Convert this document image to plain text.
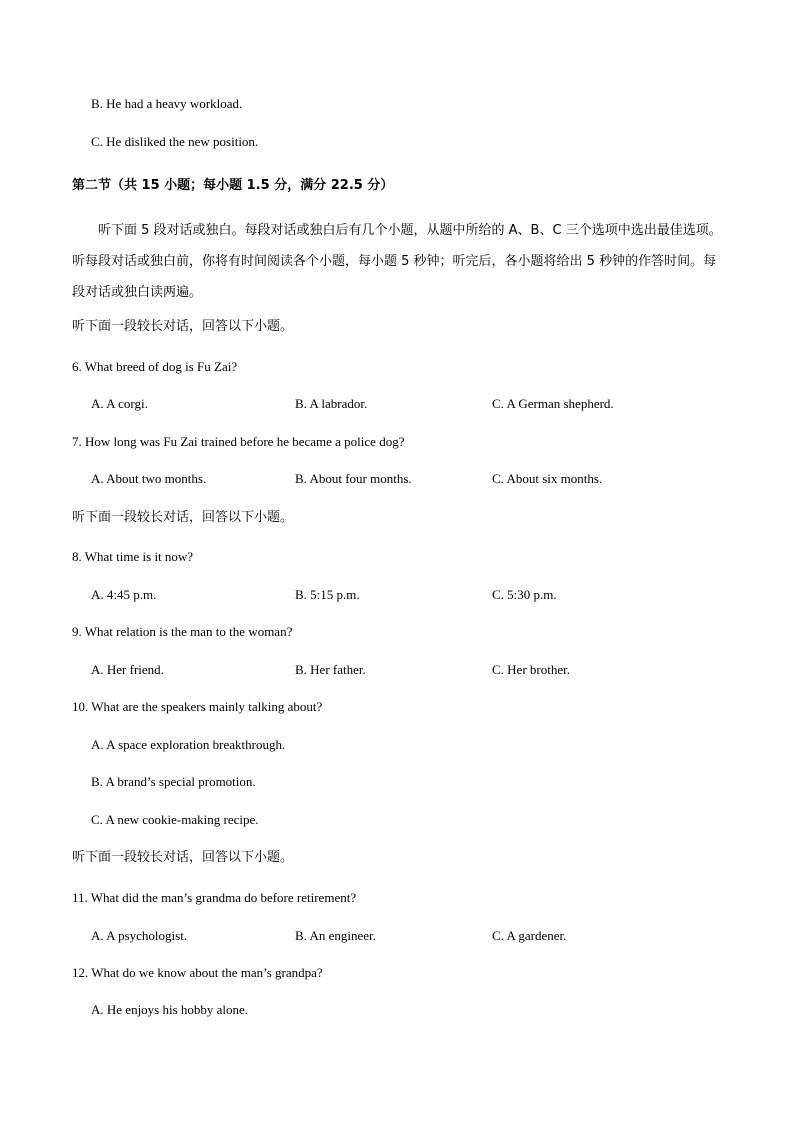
B. He had a heavy workload.
C. He disliked the new position.
第二节（共 15 小题；每小题 1.5 分，满分 22.5 分）
听下面 5 段对话或独白。每段对话或独白后有几个小题，从题中所给的 A、B、C 三个选项中选出最佳选项。听每段对话或独白前，你将有时间阅读各个小题，每小题 5 秒钟；听完后，各小题将给出 5 秒钟的作答时间。每段对话或独白读两遍。
听下面一段较长对话，回答以下小题。
6. What breed of dog is Fu Zai?
A. A corgi.	B. A labrador.	C. A German shepherd.
7. How long was Fu Zai trained before he became a police dog?
A. About two months.	B. About four months.	C. About six months.
听下面一段较长对话，回答以下小题。
8. What time is it now?
A. 4:45 p.m.	B. 5:15 p.m.	C. 5:30 p.m.
9. What relation is the man to the woman?
A. Her friend.	B. Her father.	C. Her brother.
10. What are the speakers mainly talking about?
A. A space exploration breakthrough.
B. A brand’s special promotion.
C. A new cookie-making recipe.
听下面一段较长对话，回答以下小题。
11. What did the man’s grandma do before retirement?
A. A psychologist.	B. An engineer.	C. A gardener.
12. What do we know about the man’s grandpa?
A. He enjoys his hobby alone.
